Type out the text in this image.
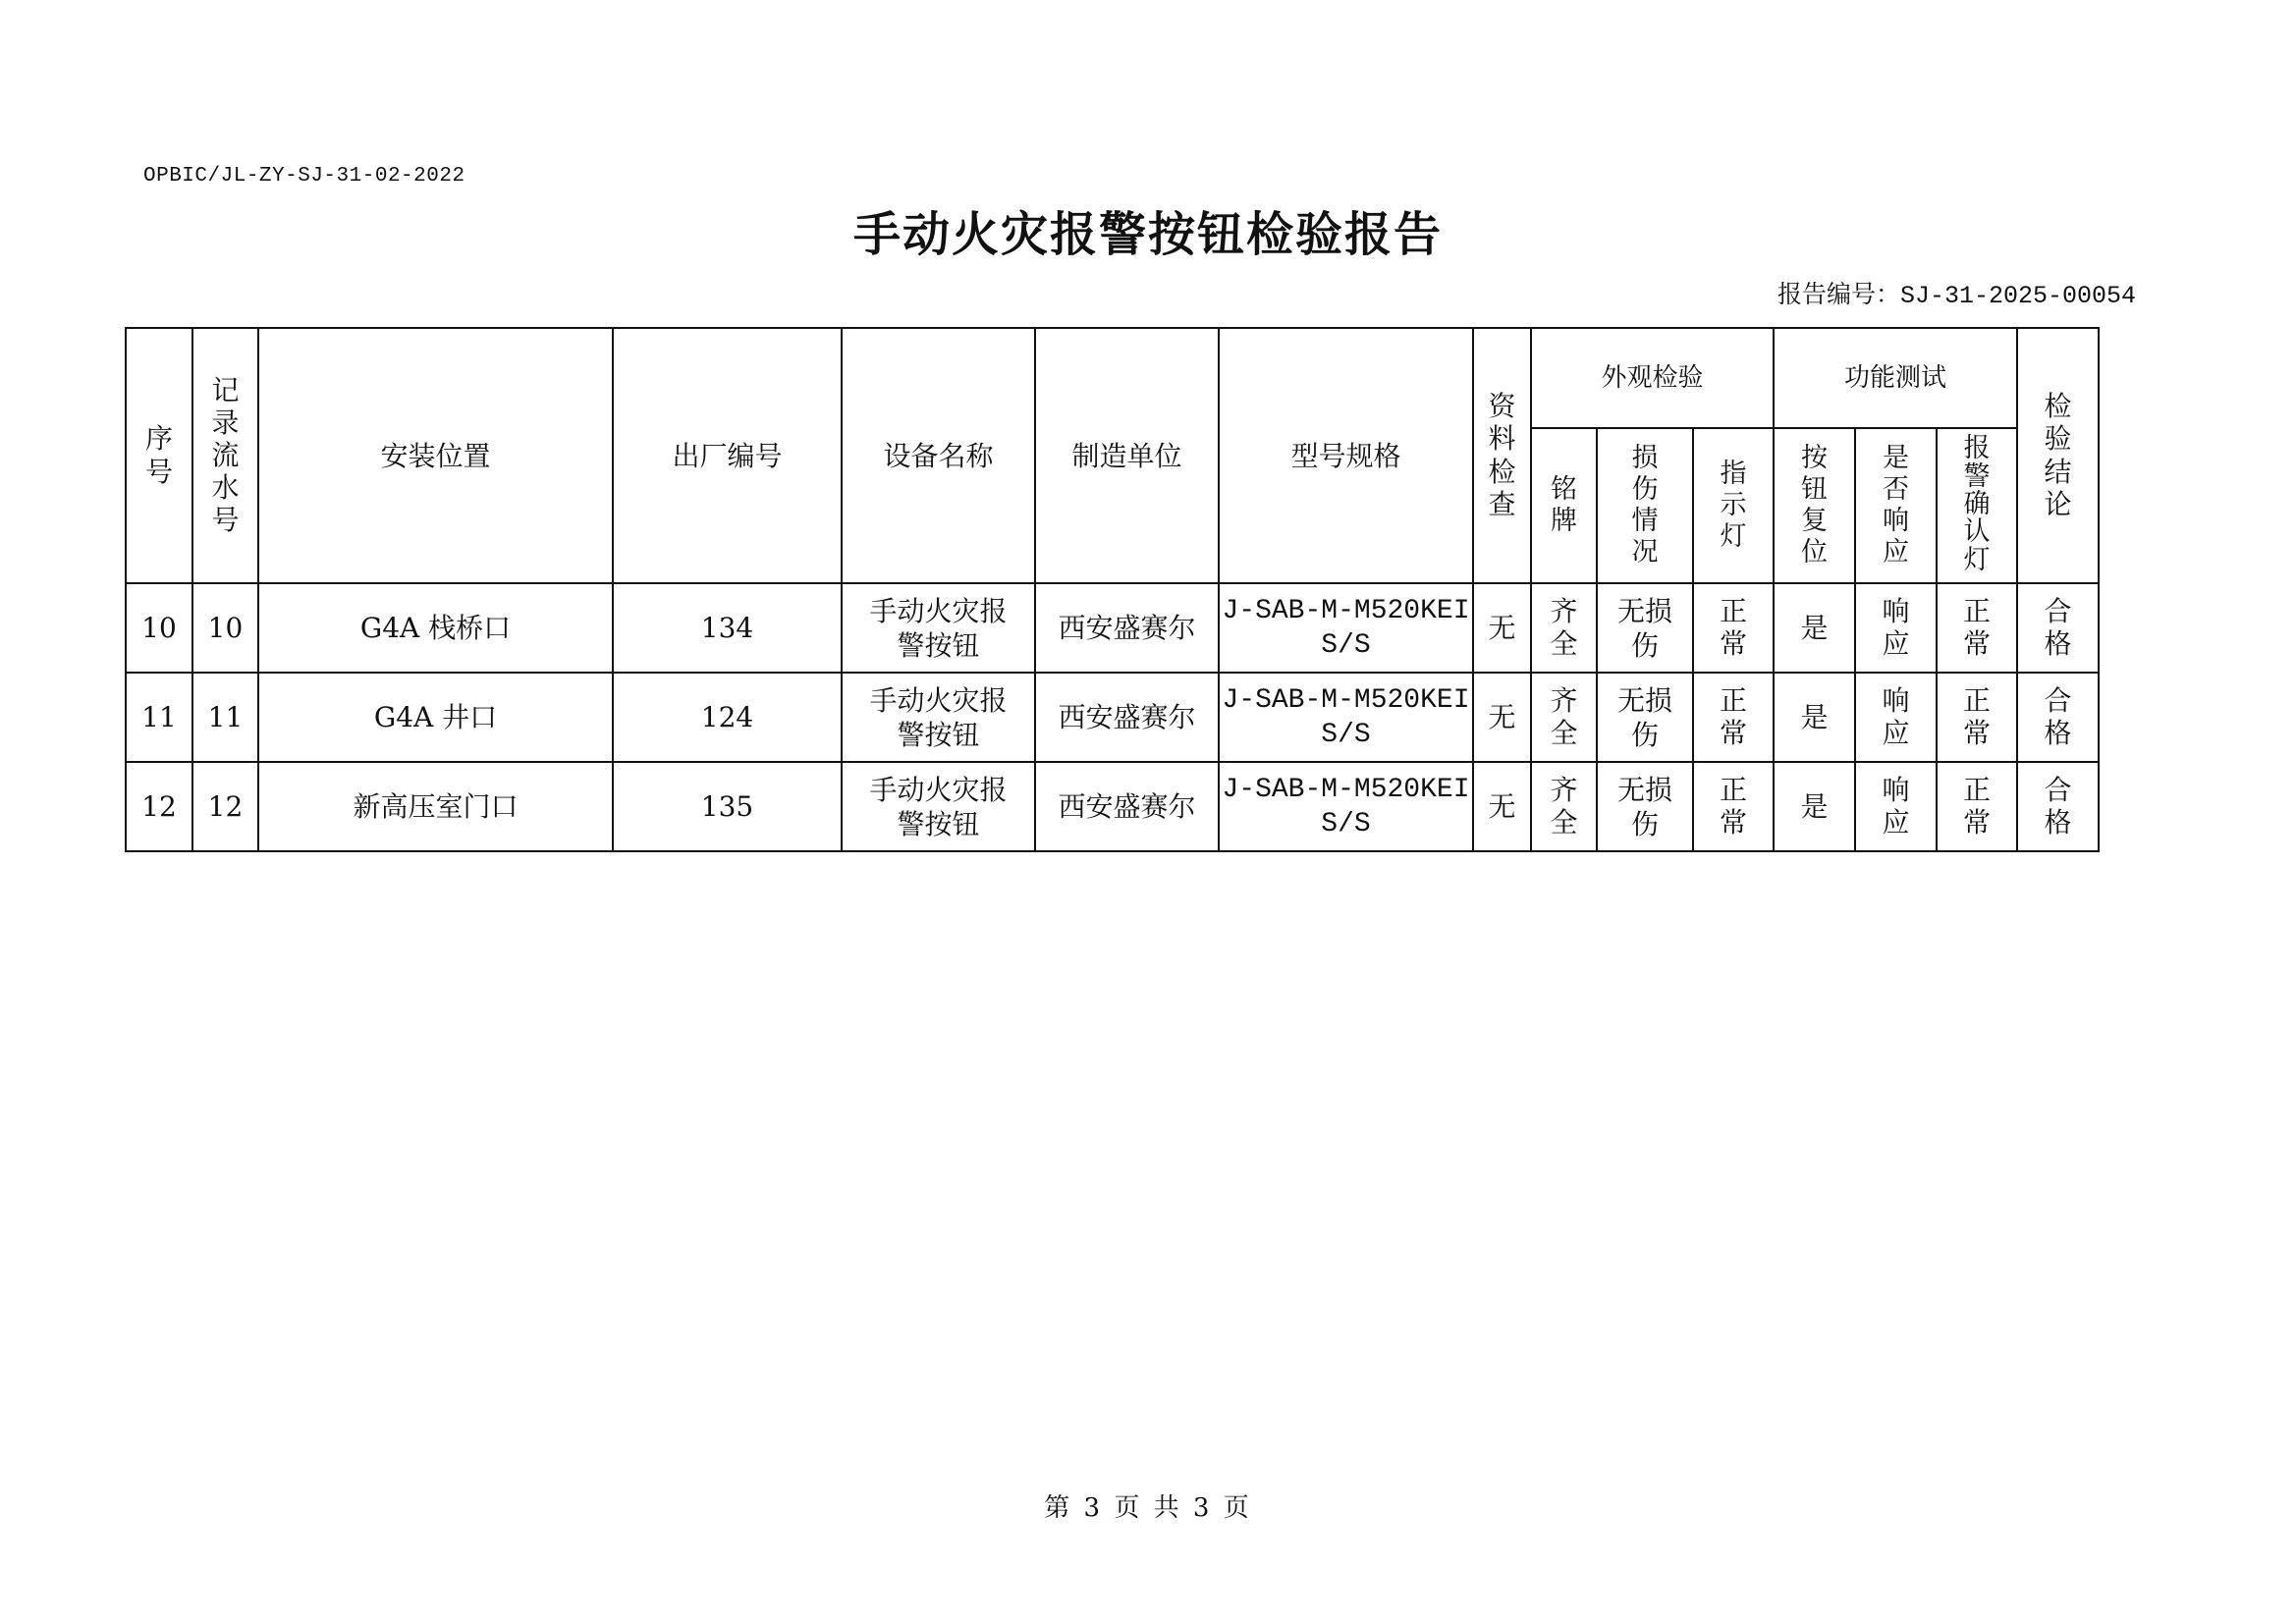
OPBIC/JL-ZY-SJ-31-02-2022
手动火灾报警按钮检验报告
报告编号：SJ-31-2025-00054
序号	记录流水号	安装位置	出厂编号	设备名称	制造单位	型号规格	资料检查	外观检验			功能测试			检验结论
								铭牌	损伤情况	指示灯	按钮复位	是否响应	报警确认灯	
10	10	G4A 栈桥口	134	手动火灾报警按钮	西安盛赛尔	J-SAB-M-M520KEI S/S	无	齐全	无损伤	正常	是	响应	正常	合格
11	11	G4A 井口	124	手动火灾报警按钮	西安盛赛尔	J-SAB-M-M520KEI S/S	无	齐全	无损伤	正常	是	响应	正常	合格
12	12	新高压室门口	135	手动火灾报警按钮	西安盛赛尔	J-SAB-M-M520KEI S/S	无	齐全	无损伤	正常	是	响应	正常	合格
第 3 页 共 3 页
